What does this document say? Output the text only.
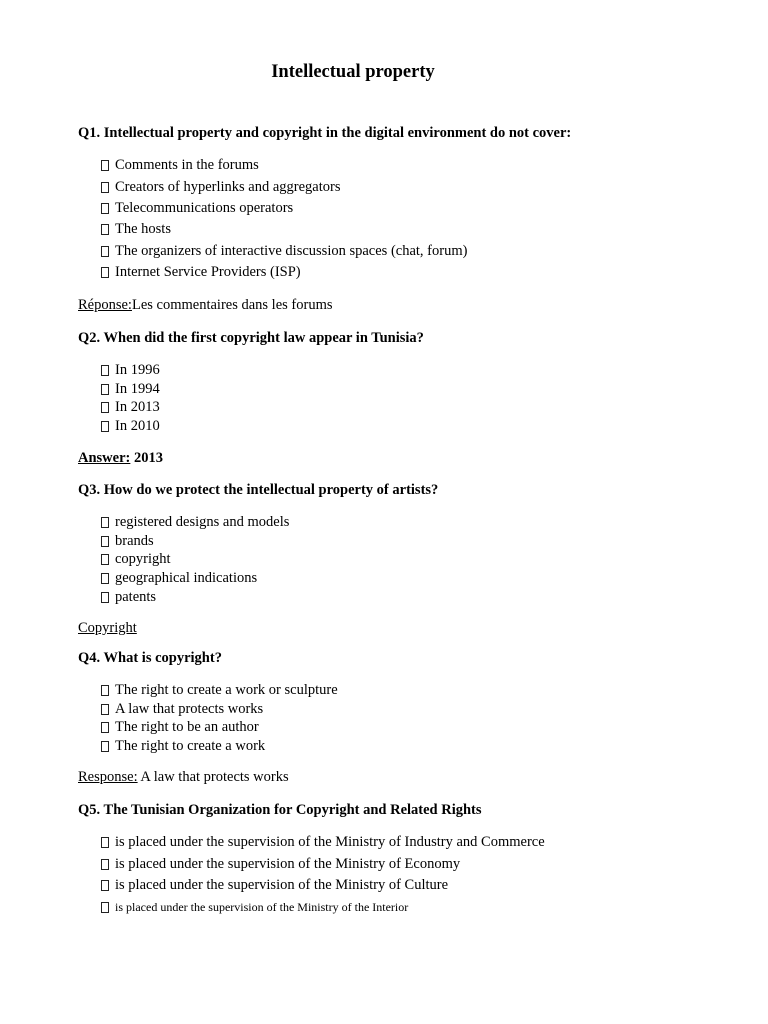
Intellectual property
Q1. Intellectual property and copyright in the digital environment do not cover:
Comments in the forums
Creators of hyperlinks and aggregators
Telecommunications operators
The hosts
The organizers of interactive discussion spaces (chat, forum)
Internet Service Providers (ISP)
Réponse:Les commentaires dans les forums
Q2. When did the first copyright law appear in Tunisia?
In 1996
In 1994
In 2013
In 2010
Answer: 2013
Q3. How do we protect the intellectual property of artists?
registered designs and models
brands
copyright
geographical indications
patents
Copyright
Q4. What is copyright?
The right to create a work or sculpture
A law that protects works
The right to be an author
The right to create a work
Response: A law that protects works
Q5. The Tunisian Organization for Copyright and Related Rights
is placed under the supervision of the Ministry of Industry and Commerce
is placed under the supervision of the Ministry of Economy
is placed under the supervision of the Ministry of Culture
is placed under the supervision of the Ministry of the Interior
